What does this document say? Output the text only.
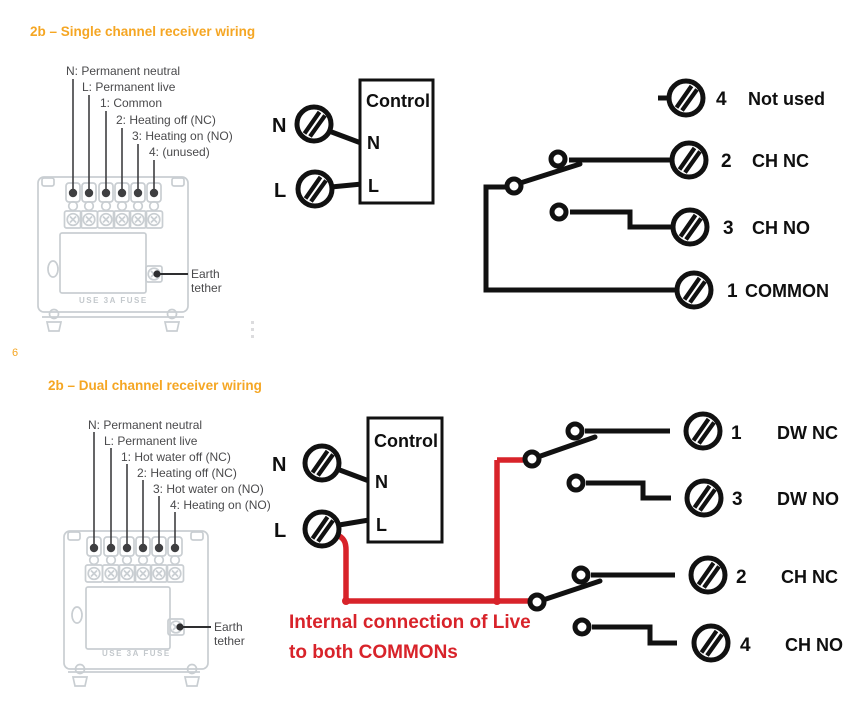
2b – Single channel receiver wiring
USE 3A FUSE
N: Permanent neutral
L: Permanent live
1: Common
2: Heating off (NC)
3: Heating on (NO)
4: (unused)
Earth
tether
N
L
Control
N
L
4 Not used
2 CH NC
3 CH NO
1 COMMON
6
2b – Dual channel receiver wiring
USE 3A FUSE
N: Permanent neutral
L: Permanent live
1: Hot water off (NC)
2: Heating off (NC)
3: Hot water on (NO)
4: Heating on (NO)
Earth
tether
N
L
Control
N
L
1 DW NC
3 DW NO
2 CH NC
4 CH NO
Internal connection of Live
to both COMMONs
